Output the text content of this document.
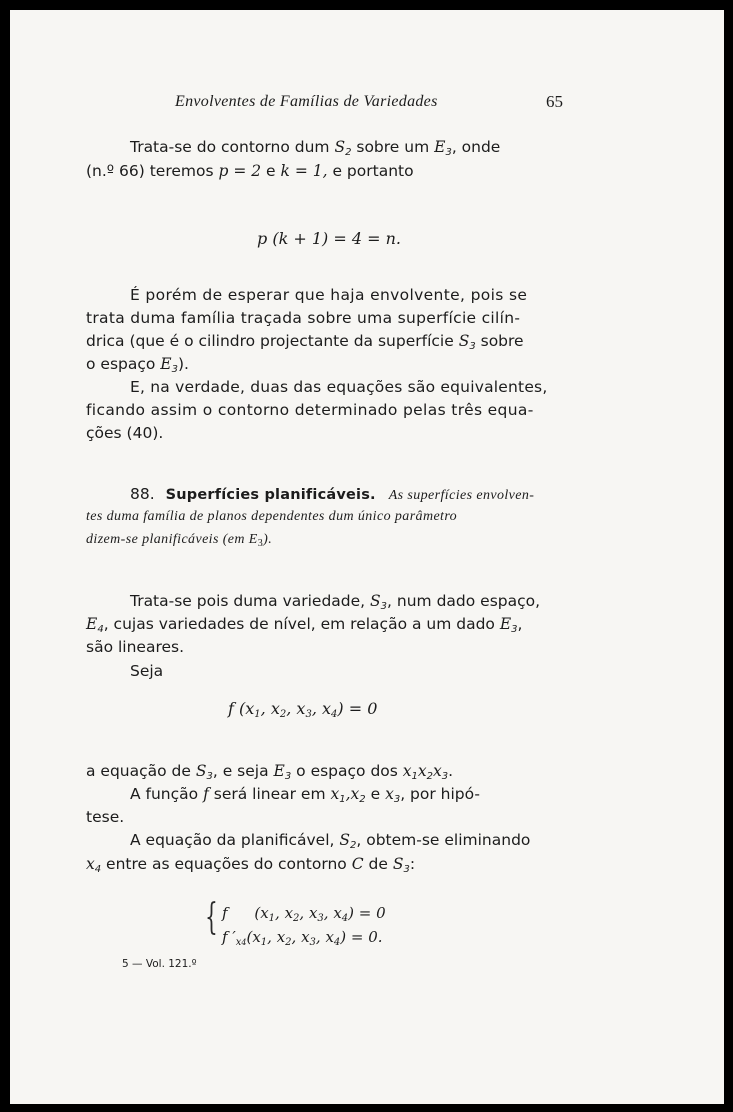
Envolventes de Famílias de Variedades	65
Trata-se do contorno dum $S_2$ sobre um $E_3$, onde
(n.º 66) teremos p = 2 e k = 1, e portanto
p (k + 1) = 4 = n.
É porém de esperar que haja envolvente, pois se
trata duma família traçada sobre uma superfície cilín-
drica (que é o cilindro projectante da superfície $S_3$ sobre
o espaço $E_3$).
E, na verdade, duas das equações são equivalentes,
ficando assim o contorno determinado pelas três equa-
ções (40).
88. Superfícies planificáveis. As superfícies envolven-
tes duma família de planos dependentes dum único parâmetro
dizem-se planificáveis (em $E_3$).
Trata-se pois duma variedade, $S_3$, num dado espaço,
$E_4$, cujas variedades de nível, em relação a um dado $E_3$,
são lineares.
Seja
f ($x_1$, $x_2$, $x_3$, $x_4) = 0$
a equação de $S_3$, e seja $E_3$ o espaço dos $x_1x_2x_3$.
A função f será linear em $x_1,x_2$ e $x_3$, por hipó-
tese.
A equação da planificável, $S_2$, obtem-se eliminando
$x_4$ entre as equações do contorno C de $S_3$:
{ f ($x_1$, $x_2$, $x_3$, $x_4) = 0$
f $'_{x4}(x_1$, $x_2$, $x_3$, $x_4) = 0$.
5 — Vol. 121.º
